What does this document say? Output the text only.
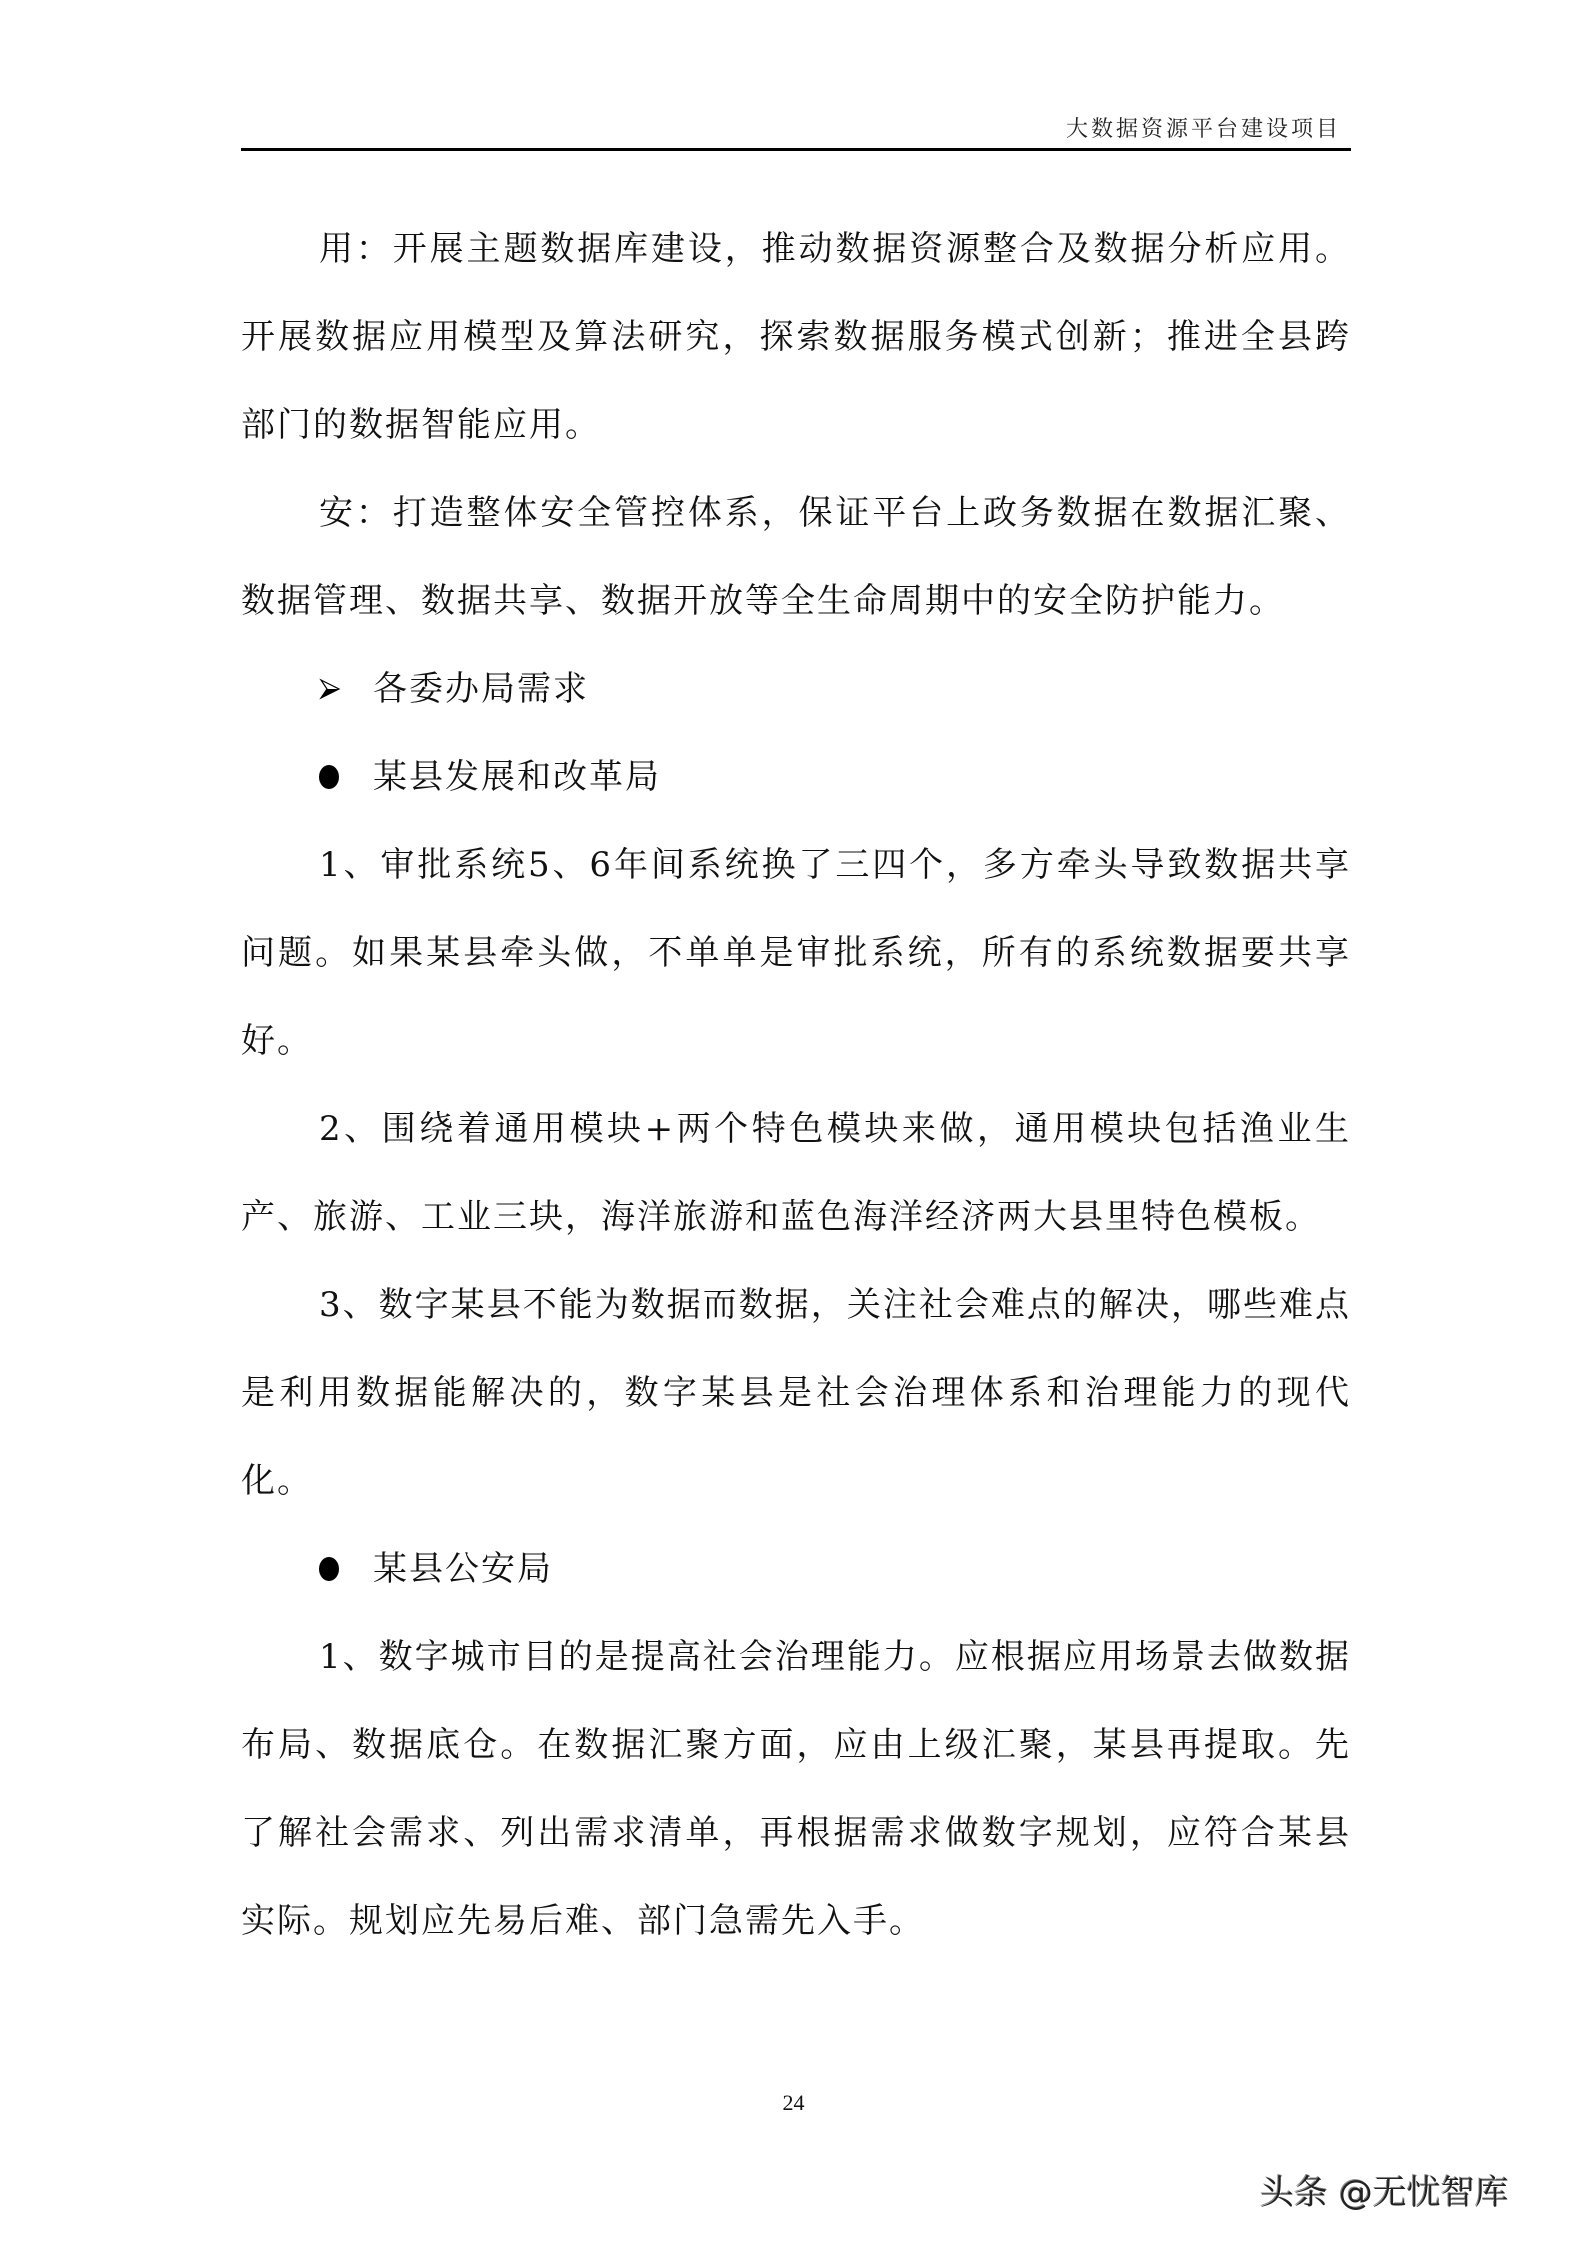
大数据资源平台建设项目

用：开展主题数据库建设，推动数据资源整合及数据分析应用。开展数据应用模型及算法研究，探索数据服务模式创新；推进全县跨部门的数据智能应用。

安：打造整体安全管控体系，保证平台上政务数据在数据汇聚、数据管理、数据共享、数据开放等全生命周期中的安全防护能力。

各委办局需求
某县发展和改革局

1、审批系统5、6年间系统换了三四个，多方牵头导致数据共享问题。如果某县牵头做，不单单是审批系统，所有的系统数据要共享好。

2、围绕着通用模块+两个特色模块来做，通用模块包括渔业生产、旅游、工业三块，海洋旅游和蓝色海洋经济两大县里特色模板。

3、数字某县不能为数据而数据，关注社会难点的解决，哪些难点是利用数据能解决的，数字某县是社会治理体系和治理能力的现代化。

某县公安局

1、数字城市目的是提高社会治理能力。应根据应用场景去做数据布局、数据底仓。在数据汇聚方面，应由上级汇聚，某县再提取。先了解社会需求、列出需求清单，再根据需求做数字规划，应符合某县实际。规划应先易后难、部门急需先入手。

24
头条 @无忧智库
